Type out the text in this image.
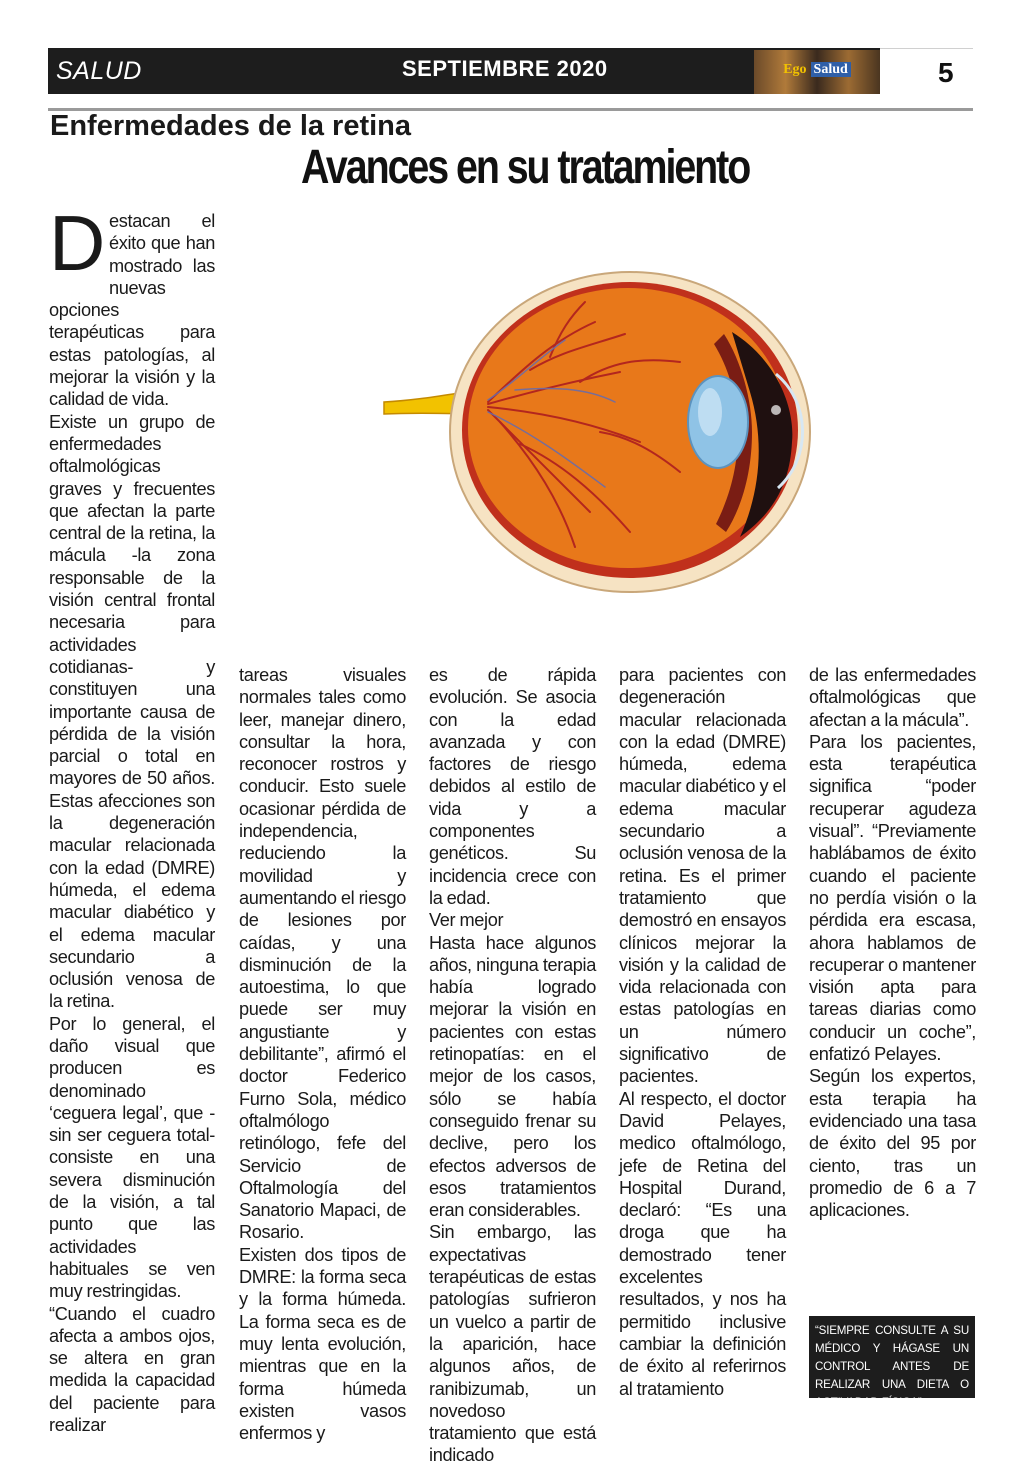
SALUD	SEPTIEMBRE 2020	Ego Salud	5
Enfermedades de la retina
Avances en su tratamiento

Destacan el éxito que han mostrado las nuevas opciones terapéuticas para estas patologías, al mejorar la visión y la calidad de vida.

Existe un grupo de enfermedades oftalmológicas graves y frecuentes que afectan la parte central de la retina, la mácula -la zona responsable de la visión central frontal necesaria para actividades cotidianas- y constituyen una importante causa de pérdida de la visión parcial o total en mayores de 50 años. Estas afecciones son la degeneración macular relacionada con la edad (DMRE) húmeda, el edema macular diabético y el edema macular secundario a oclusión venosa de la retina.

Por lo general, el daño visual que producen es denominado ‘ceguera legal’, que -sin ser ceguera total- consiste en una severa disminución de la visión, a tal punto que las actividades habituales se ven muy restringidas.

“Cuando el cuadro afecta a ambos ojos, se altera en gran medida la capacidad del paciente para realizar

tareas visuales normales tales como leer, manejar dinero, consultar la hora, reconocer rostros y conducir. Esto suele ocasionar pérdida de independencia, reduciendo la movilidad y aumentando el riesgo de lesiones por caídas, y una disminución de la autoestima, lo que puede ser muy angustiante y debilitante”, afirmó el doctor Federico Furno Sola, médico oftalmólogo retinólogo, fefe del Servicio de Oftalmología del Sanatorio Mapaci, de Rosario.

Existen dos tipos de DMRE: la forma seca y la forma húmeda. La forma seca es de muy lenta evolución, mientras que en la forma húmeda existen vasos enfermos y

es de rápida evolución. Se asocia con la edad avanzada y con factores de riesgo debidos al estilo de vida y a componentes genéticos. Su incidencia crece con la edad.

Ver mejor

Hasta hace algunos años, ninguna terapia había logrado mejorar la visión en pacientes con estas retinopatías: en el mejor de los casos, sólo se había conseguido frenar su declive, pero los efectos adversos de esos tratamientos eran considerables.

Sin embargo, las expectativas terapéuticas de estas patologías sufrieron un vuelco a partir de la aparición, hace algunos años, de ranibizumab, un novedoso tratamiento que está indicado

para pacientes con degeneración macular relacionada con la edad (DMRE) húmeda, edema macular diabético y el edema macular secundario a oclusión venosa de la retina. Es el primer tratamiento que demostró en ensayos clínicos mejorar la visión y la calidad de vida relacionada con estas patologías en un número significativo de pacientes.

Al respecto, el doctor David Pelayes, medico oftalmólogo, jefe de Retina del Hospital Durand, declaró: “Es una droga que ha demostrado tener excelentes resultados, y nos ha permitido inclusive cambiar la definición de éxito al referirnos al tratamiento

de las enfermedades oftalmológicas que afectan a la mácula”.

Para los pacientes, esta terapéutica significa “poder recuperar agudeza visual”. “Previamente hablábamos de éxito cuando el paciente no perdía visión o la pérdida era escasa, ahora hablamos de recuperar o mantener visión apta para tareas diarias como conducir un coche”, enfatizó Pelayes.

Según los expertos, esta terapia ha evidenciado una tasa de éxito del 95 por ciento, tras un promedio de 6 a 7 aplicaciones.

“SIEMPRE CONSULTE A SU MÉDICO Y HÁGASE UN CONTROL ANTES DE REALIZAR UNA DIETA O ACTIVADAD FÍSICA”
